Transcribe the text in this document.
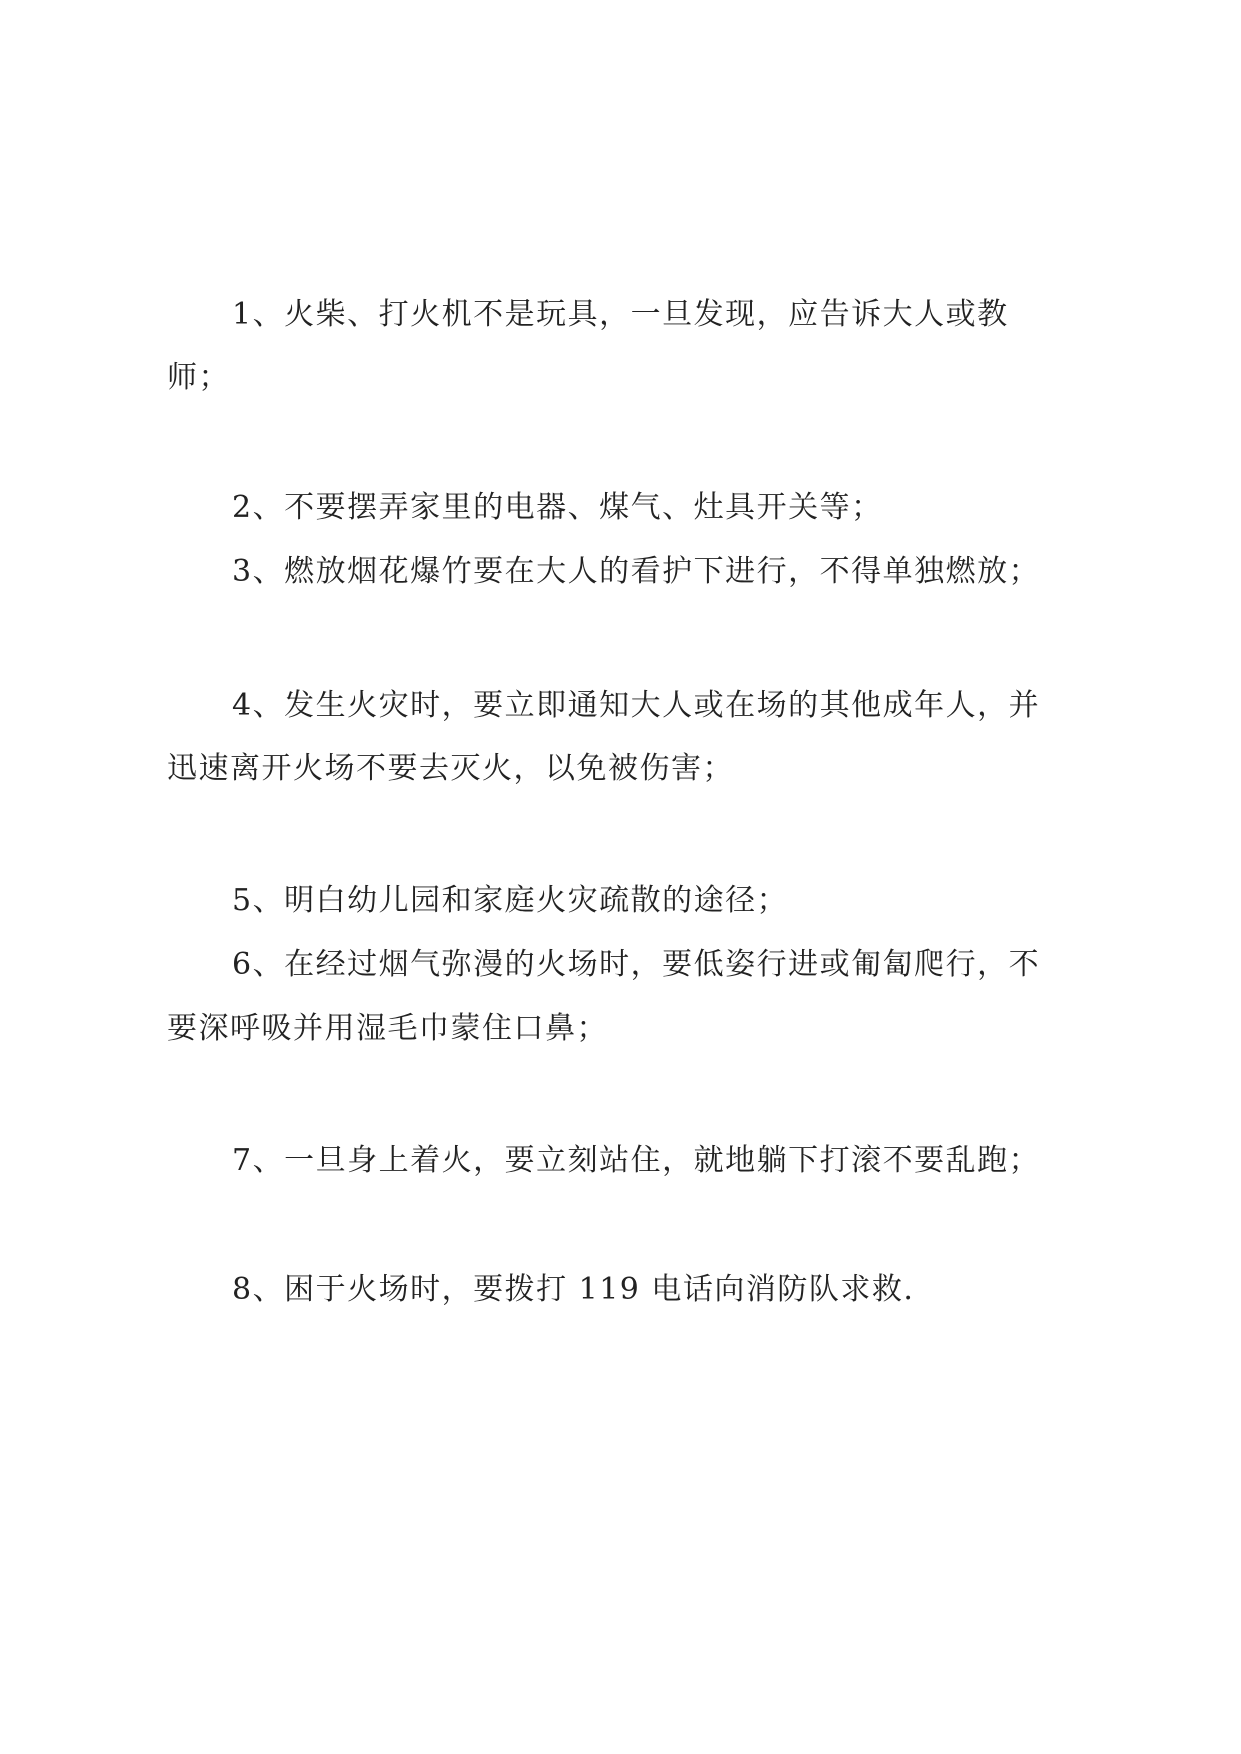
1、火柴、打火机不是玩具，一旦发现，应告诉大人或教
师；
2、不要摆弄家里的电器、煤气、灶具开关等；
3、燃放烟花爆竹要在大人的看护下进行，不得单独燃放；
4、发生火灾时，要立即通知大人或在场的其他成年人，并
迅速离开火场不要去灭火，以免被伤害；
5、明白幼儿园和家庭火灾疏散的途径；
6、在经过烟气弥漫的火场时，要低姿行进或匍匐爬行，不
要深呼吸并用湿毛巾蒙住口鼻；
7、一旦身上着火，要立刻站住，就地躺下打滚不要乱跑；
8、困于火场时，要拨打 119 电话向消防队求救.
